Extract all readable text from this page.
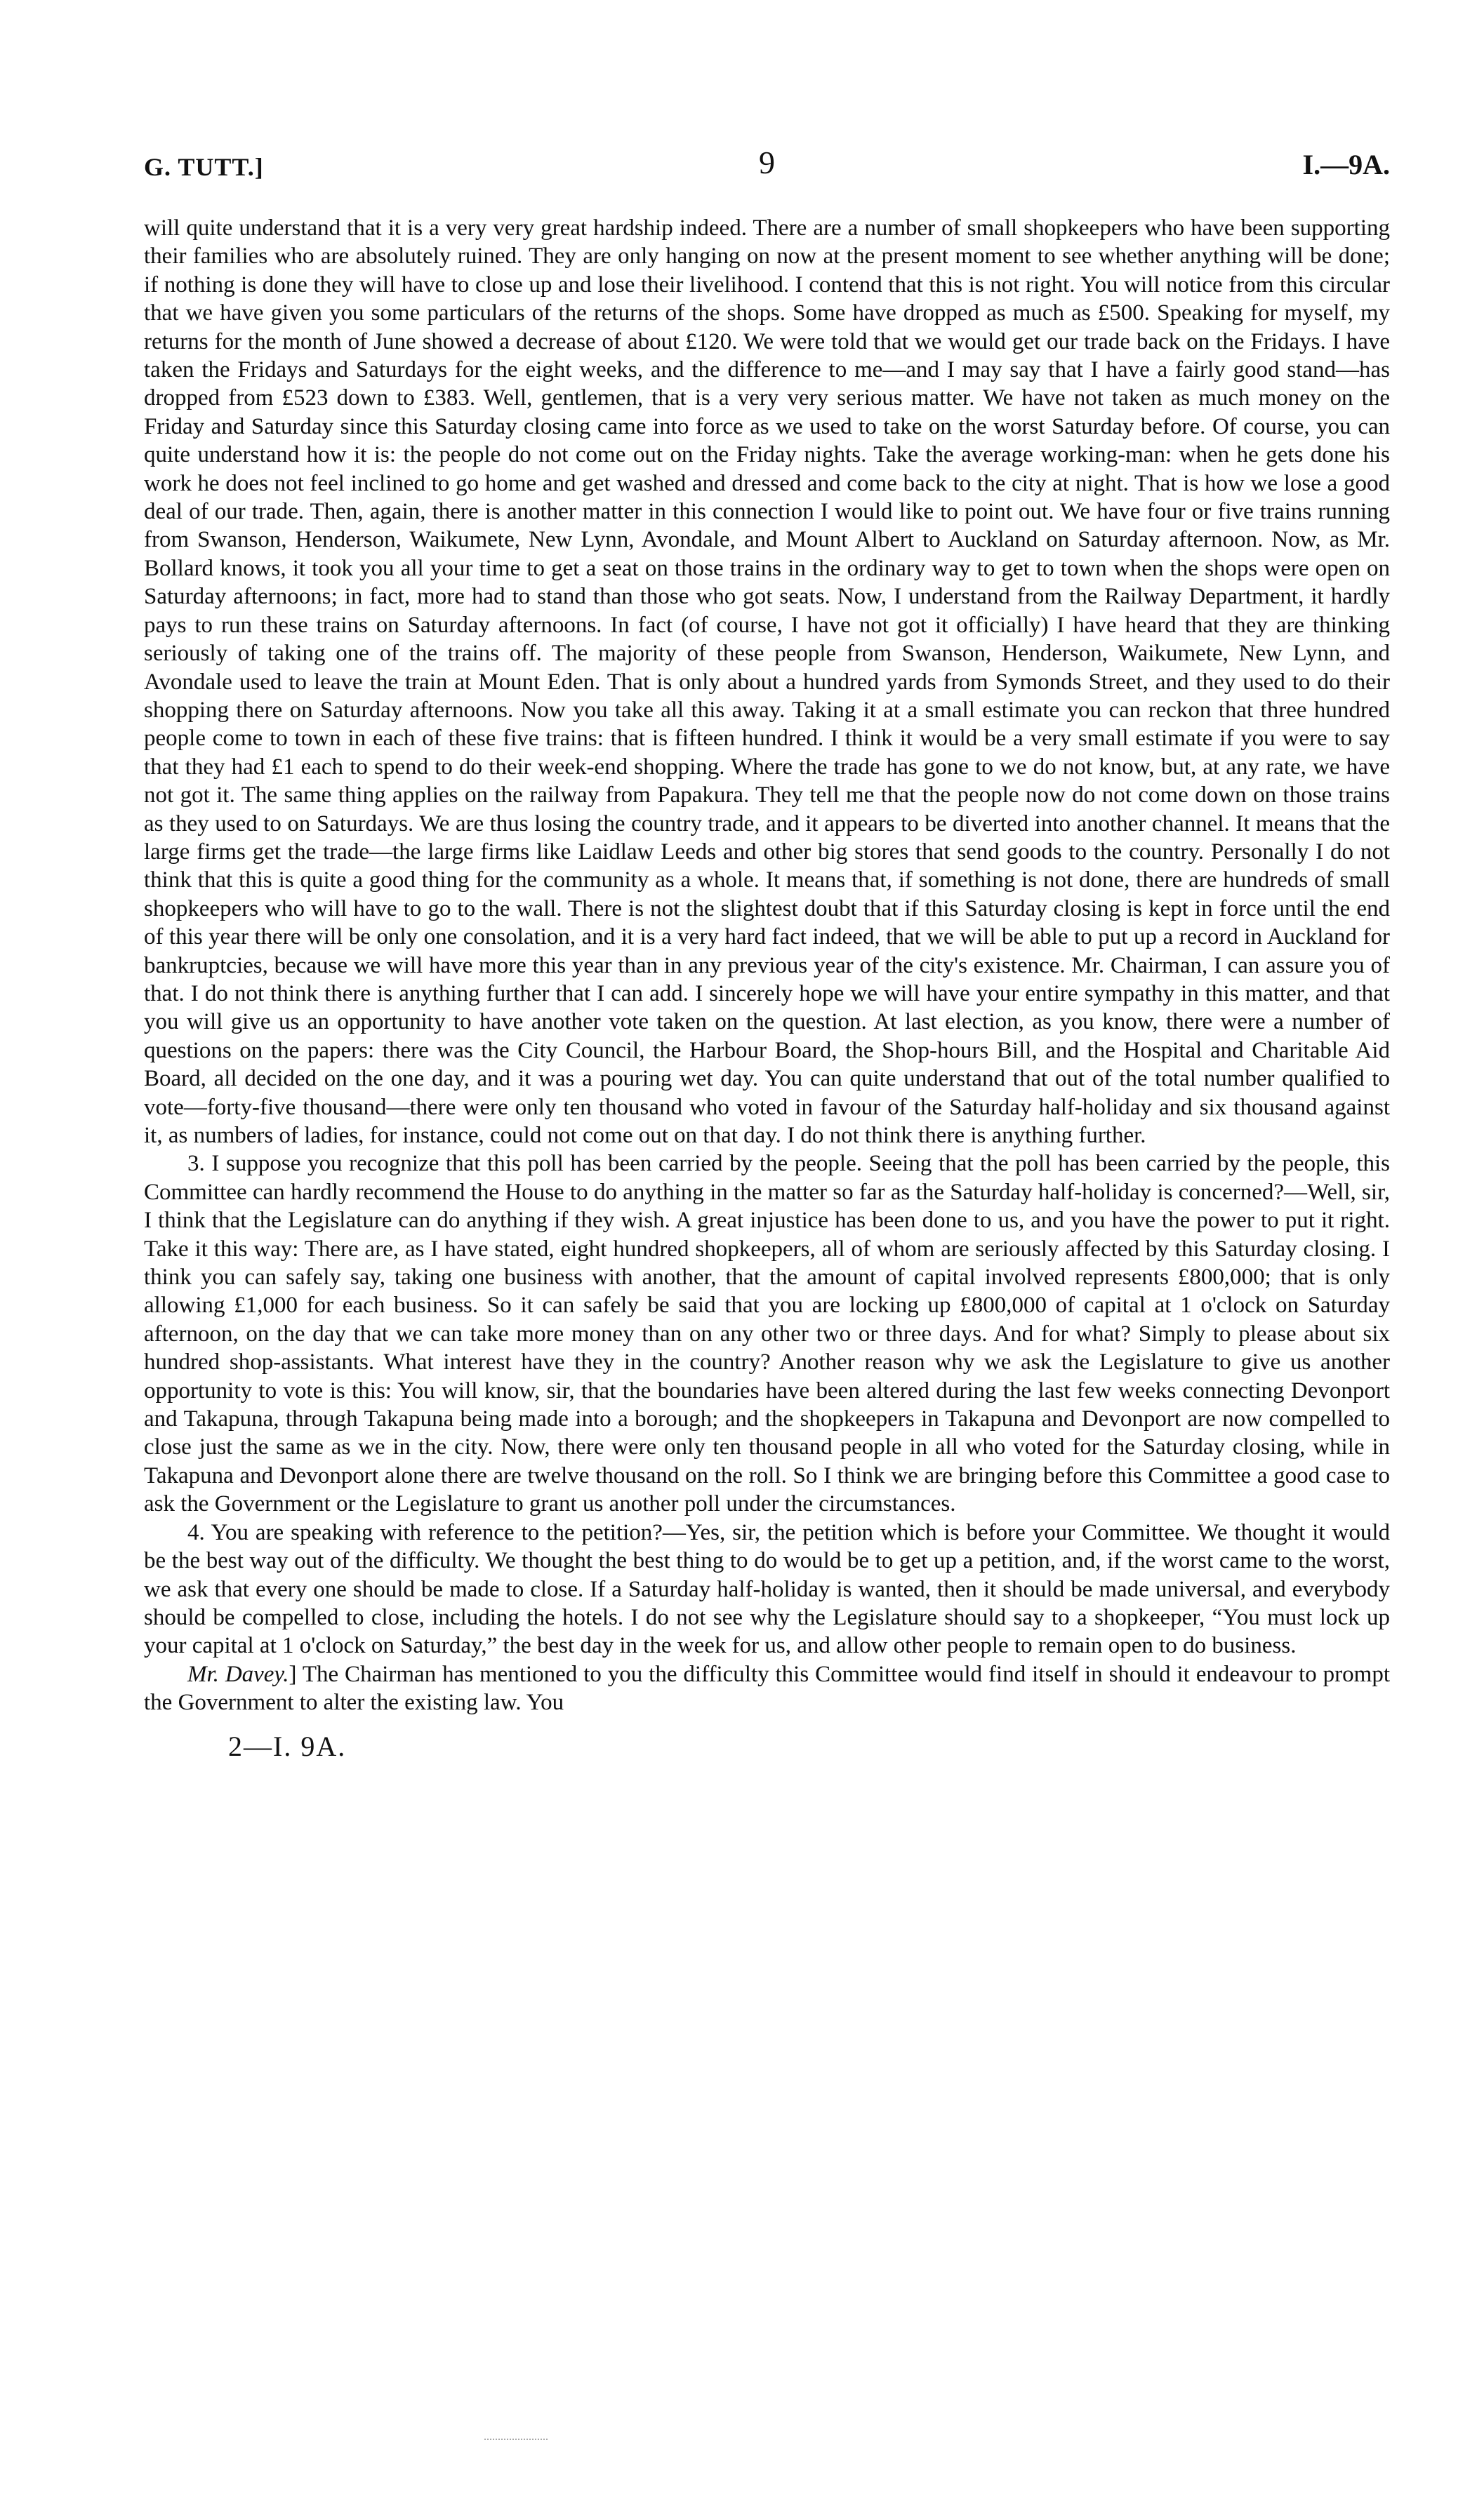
G. TUTT.]	9	I.—9A.

will quite understand that it is a very very great hardship indeed. There are a number of small shopkeepers who have been supporting their families who are absolutely ruined. They are only hanging on now at the present moment to see whether anything will be done; if nothing is done they will have to close up and lose their livelihood. I contend that this is not right. You will notice from this circular that we have given you some particulars of the returns of the shops. Some have dropped as much as £500. Speaking for myself, my returns for the month of June showed a decrease of about £120. We were told that we would get our trade back on the Fridays. I have taken the Fridays and Saturdays for the eight weeks, and the difference to me—and I may say that I have a fairly good stand—has dropped from £523 down to £383. Well, gentlemen, that is a very very serious matter. We have not taken as much money on the Friday and Saturday since this Saturday closing came into force as we used to take on the worst Saturday before. Of course, you can quite understand how it is: the people do not come out on the Friday nights. Take the average working-man: when he gets done his work he does not feel inclined to go home and get washed and dressed and come back to the city at night. That is how we lose a good deal of our trade. Then, again, there is another matter in this connection I would like to point out. We have four or five trains running from Swanson, Henderson, Waikumete, New Lynn, Avondale, and Mount Albert to Auckland on Saturday afternoon. Now, as Mr. Bollard knows, it took you all your time to get a seat on those trains in the ordinary way to get to town when the shops were open on Saturday afternoons; in fact, more had to stand than those who got seats. Now, I understand from the Railway Department, it hardly pays to run these trains on Saturday afternoons. In fact (of course, I have not got it officially) I have heard that they are thinking seriously of taking one of the trains off. The majority of these people from Swanson, Henderson, Waikumete, New Lynn, and Avondale used to leave the train at Mount Eden. That is only about a hundred yards from Symonds Street, and they used to do their shopping there on Saturday afternoons. Now you take all this away. Taking it at a small estimate you can reckon that three hundred people come to town in each of these five trains: that is fifteen hundred. I think it would be a very small estimate if you were to say that they had £1 each to spend to do their week-end shopping. Where the trade has gone to we do not know, but, at any rate, we have not got it. The same thing applies on the railway from Papakura. They tell me that the people now do not come down on those trains as they used to on Saturdays. We are thus losing the country trade, and it appears to be diverted into another channel. It means that the large firms get the trade—the large firms like Laidlaw Leeds and other big stores that send goods to the country. Personally I do not think that this is quite a good thing for the community as a whole. It means that, if something is not done, there are hundreds of small shopkeepers who will have to go to the wall. There is not the slightest doubt that if this Saturday closing is kept in force until the end of this year there will be only one consolation, and it is a very hard fact indeed, that we will be able to put up a record in Auckland for bankruptcies, because we will have more this year than in any previous year of the city's existence. Mr. Chairman, I can assure you of that. I do not think there is anything further that I can add. I sincerely hope we will have your entire sympathy in this matter, and that you will give us an opportunity to have another vote taken on the question. At last election, as you know, there were a number of questions on the papers: there was the City Council, the Harbour Board, the Shop-hours Bill, and the Hospital and Charitable Aid Board, all decided on the one day, and it was a pouring wet day. You can quite understand that out of the total number qualified to vote—forty-five thousand—there were only ten thousand who voted in favour of the Saturday half-holiday and six thousand against it, as numbers of ladies, for instance, could not come out on that day. I do not think there is anything further.

3. I suppose you recognize that this poll has been carried by the people. Seeing that the poll has been carried by the people, this Committee can hardly recommend the House to do anything in the matter so far as the Saturday half-holiday is concerned?—Well, sir, I think that the Legislature can do anything if they wish. A great injustice has been done to us, and you have the power to put it right. Take it this way: There are, as I have stated, eight hundred shopkeepers, all of whom are seriously affected by this Saturday closing. I think you can safely say, taking one business with another, that the amount of capital involved represents £800,000; that is only allowing £1,000 for each business. So it can safely be said that you are locking up £800,000 of capital at 1 o'clock on Saturday afternoon, on the day that we can take more money than on any other two or three days. And for what? Simply to please about six hundred shop-assistants. What interest have they in the country? Another reason why we ask the Legislature to give us another opportunity to vote is this: You will know, sir, that the boundaries have been altered during the last few weeks connecting Devonport and Takapuna, through Takapuna being made into a borough; and the shopkeepers in Takapuna and Devonport are now compelled to close just the same as we in the city. Now, there were only ten thousand people in all who voted for the Saturday closing, while in Takapuna and Devonport alone there are twelve thousand on the roll. So I think we are bringing before this Committee a good case to ask the Government or the Legislature to grant us another poll under the circumstances.

4. You are speaking with reference to the petition?—Yes, sir, the petition which is before your Committee. We thought it would be the best way out of the difficulty. We thought the best thing to do would be to get up a petition, and, if the worst came to the worst, we ask that every one should be made to close. If a Saturday half-holiday is wanted, then it should be made universal, and everybody should be compelled to close, including the hotels. I do not see why the Legislature should say to a shopkeeper, “You must lock up your capital at 1 o'clock on Saturday,” the best day in the week for us, and allow other people to remain open to do business.

Mr. Davey.] The Chairman has mentioned to you the difficulty this Committee would find itself in should it endeavour to prompt the Government to alter the existing law. You

2—I. 9A.
